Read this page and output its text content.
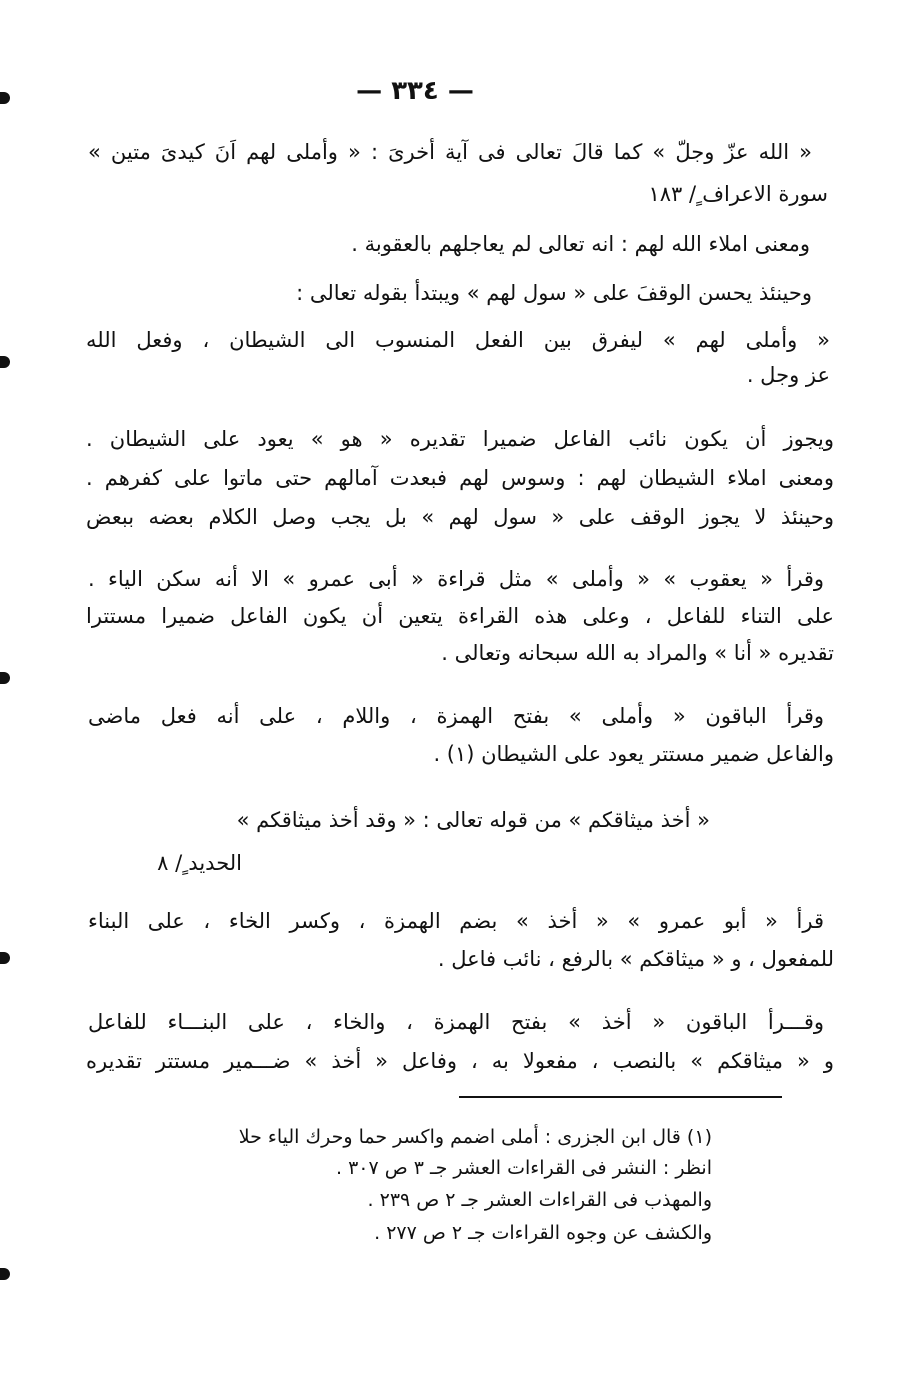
— ٣٣٤ —
« الله عزّ وجلّ » كما قالَ تعالى فى آية أخرىَ : « وأملى لهم اَنَ كيدىَ متين »
سورة الاعراف ٍ/ ١٨٣
ومعنى املاء الله لهم : انه تعالى لم يعاجلهم بالعقوبة .
وحينئذ يحسن الوقفَ على « سول لهم » ويبتدأ بقوله تعالى :
« وأملى لهم » ليفرق بين الفعل المنسوب الى الشيطان ، وفعل الله
عز وجل .
ويجوز أن يكون نائب الفاعل ضميرا تقديره « هو » يعود على الشيطان .
ومعنى املاء الشيطان لهم : وسوس لهم فبعدت آمالهم حتى ماتوا على كفرهم .
وحينئذ لا يجوز الوقف على « سول لهم » بل يجب وصل الكلام بعضه ببعض
وقرأ « يعقوب » « وأملى » مثل قراءة « أبى عمرو » الا أنه سكن الياء .
على التناء للفاعل ، وعلى هذه القراءة يتعين أن يكون الفاعل ضميرا مستترا
تقديره « أنا » والمراد به الله سبحانه وتعالى .
وقرأ الباقون « وأملى » بفتح الهمزة ، واللام ، على أنه فعل ماضى
والفاعل ضمير مستتر يعود على الشيطان (١) .
« أخذ ميثاقكم » من قوله تعالى : « وقد أخذ ميثاقكم »
الحديد ٍ/ ٨
قرأ « أبو عمرو » « أخذ » بضم الهمزة ، وكسر الخاء ، على البناء
للمفعول ، و « ميثاقكم » بالرفع ، نائب فاعل .
وقـــرأ الباقون « أخذ » بفتح الهمزة ، والخاء ، على البنـــاء للفاعل
و « ميثاقكم » بالنصب ، مفعولا به ، وفاعل « أخذ » ضـــمير مستتر تقديره
(١) قال ابن الجزرى : أملى اضمم واكسر حما وحرك الياء حلا
انظر : النشر فى القراءات العشر جـ ٣ ص ٣٠٧ .
والمهذب فى القراءات العشر جـ ٢ ص ٢٣٩ .
والكشف عن وجوه القراءات جـ ٢ ص ٢٧٧ .
